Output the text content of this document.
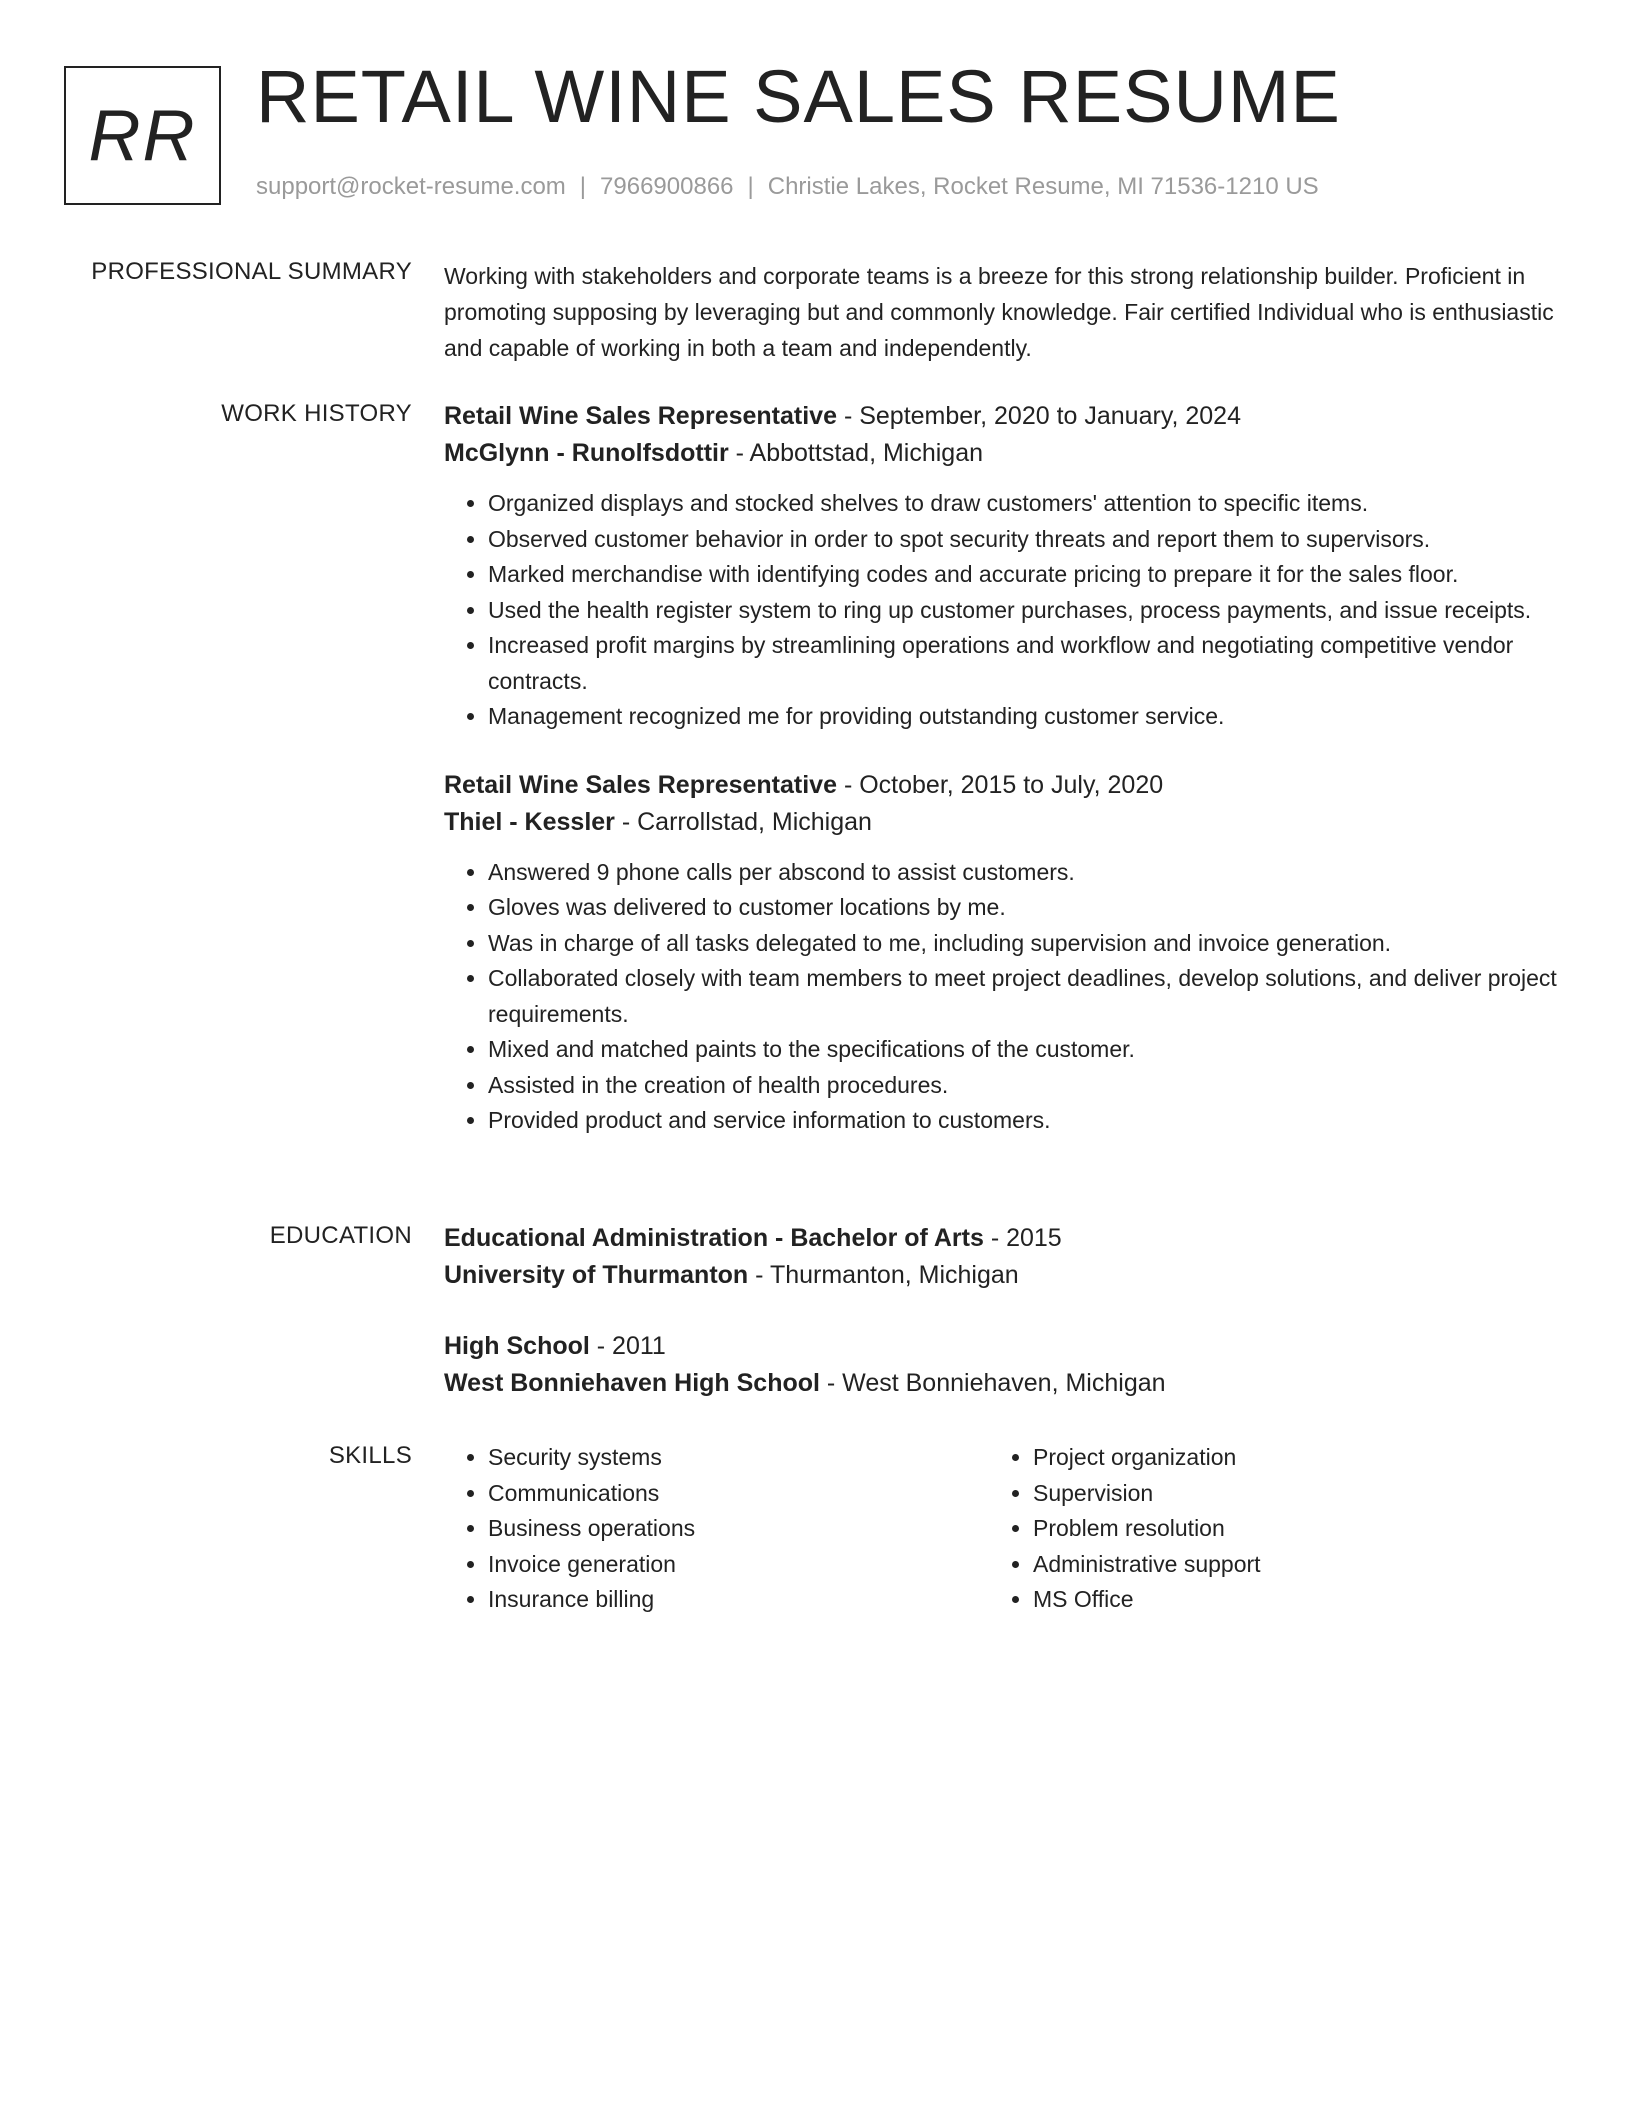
RR RETAIL WINE SALES RESUME
support@rocket-resume.com | 7966900866 | Christie Lakes, Rocket Resume, MI 71536-1210 US
PROFESSIONAL SUMMARY Working with stakeholders and corporate teams is a breeze for this strong relationship builder. Proficient in promoting supposing by leveraging but and commonly knowledge. Fair certified Individual who is enthusiastic and capable of working in both a team and independently.

WORK HISTORY Retail Wine Sales Representative - September, 2020 to January, 2024

McGlynn - Runolfsdottir - Abbottstad, Michigan

• Organized displays and stocked shelves to draw customers' attention to specific items.
• Observed customer behavior in order to spot security threats and report them to supervisors.
• Marked merchandise with identifying codes and accurate pricing to prepare it for the sales floor.
• Used the health register system to ring up customer purchases, process payments, and issue receipts.
• Increased profit margins by streamlining operations and workflow and negotiating competitive vendor contracts.
• Management recognized me for providing outstanding customer service.

Retail Wine Sales Representative - October, 2015 to July, 2020

Thiel - Kessler - Carrollstad, Michigan

• Answered 9 phone calls per abscond to assist customers.
• Gloves was delivered to customer locations by me.
• Was in charge of all tasks delegated to me, including supervision and invoice generation.
• Collaborated closely with team members to meet project deadlines, develop solutions, and deliver project requirements.
• Mixed and matched paints to the specifications of the customer.
• Assisted in the creation of health procedures.
• Provided product and service information to customers.
EDUCATION Educational Administration - Bachelor of Arts - 2015

University of Thurmanton - Thurmanton, Michigan

High School - 2011

West Bonniehaven High School - West Bonniehaven, Michigan

SKILLS
•	Security systems
• Communications
• Business operations
• Invoice generation
• Insurance billing
• Project organization
• Supervision
• Problem resolution
• Administrative support
• MS Office
